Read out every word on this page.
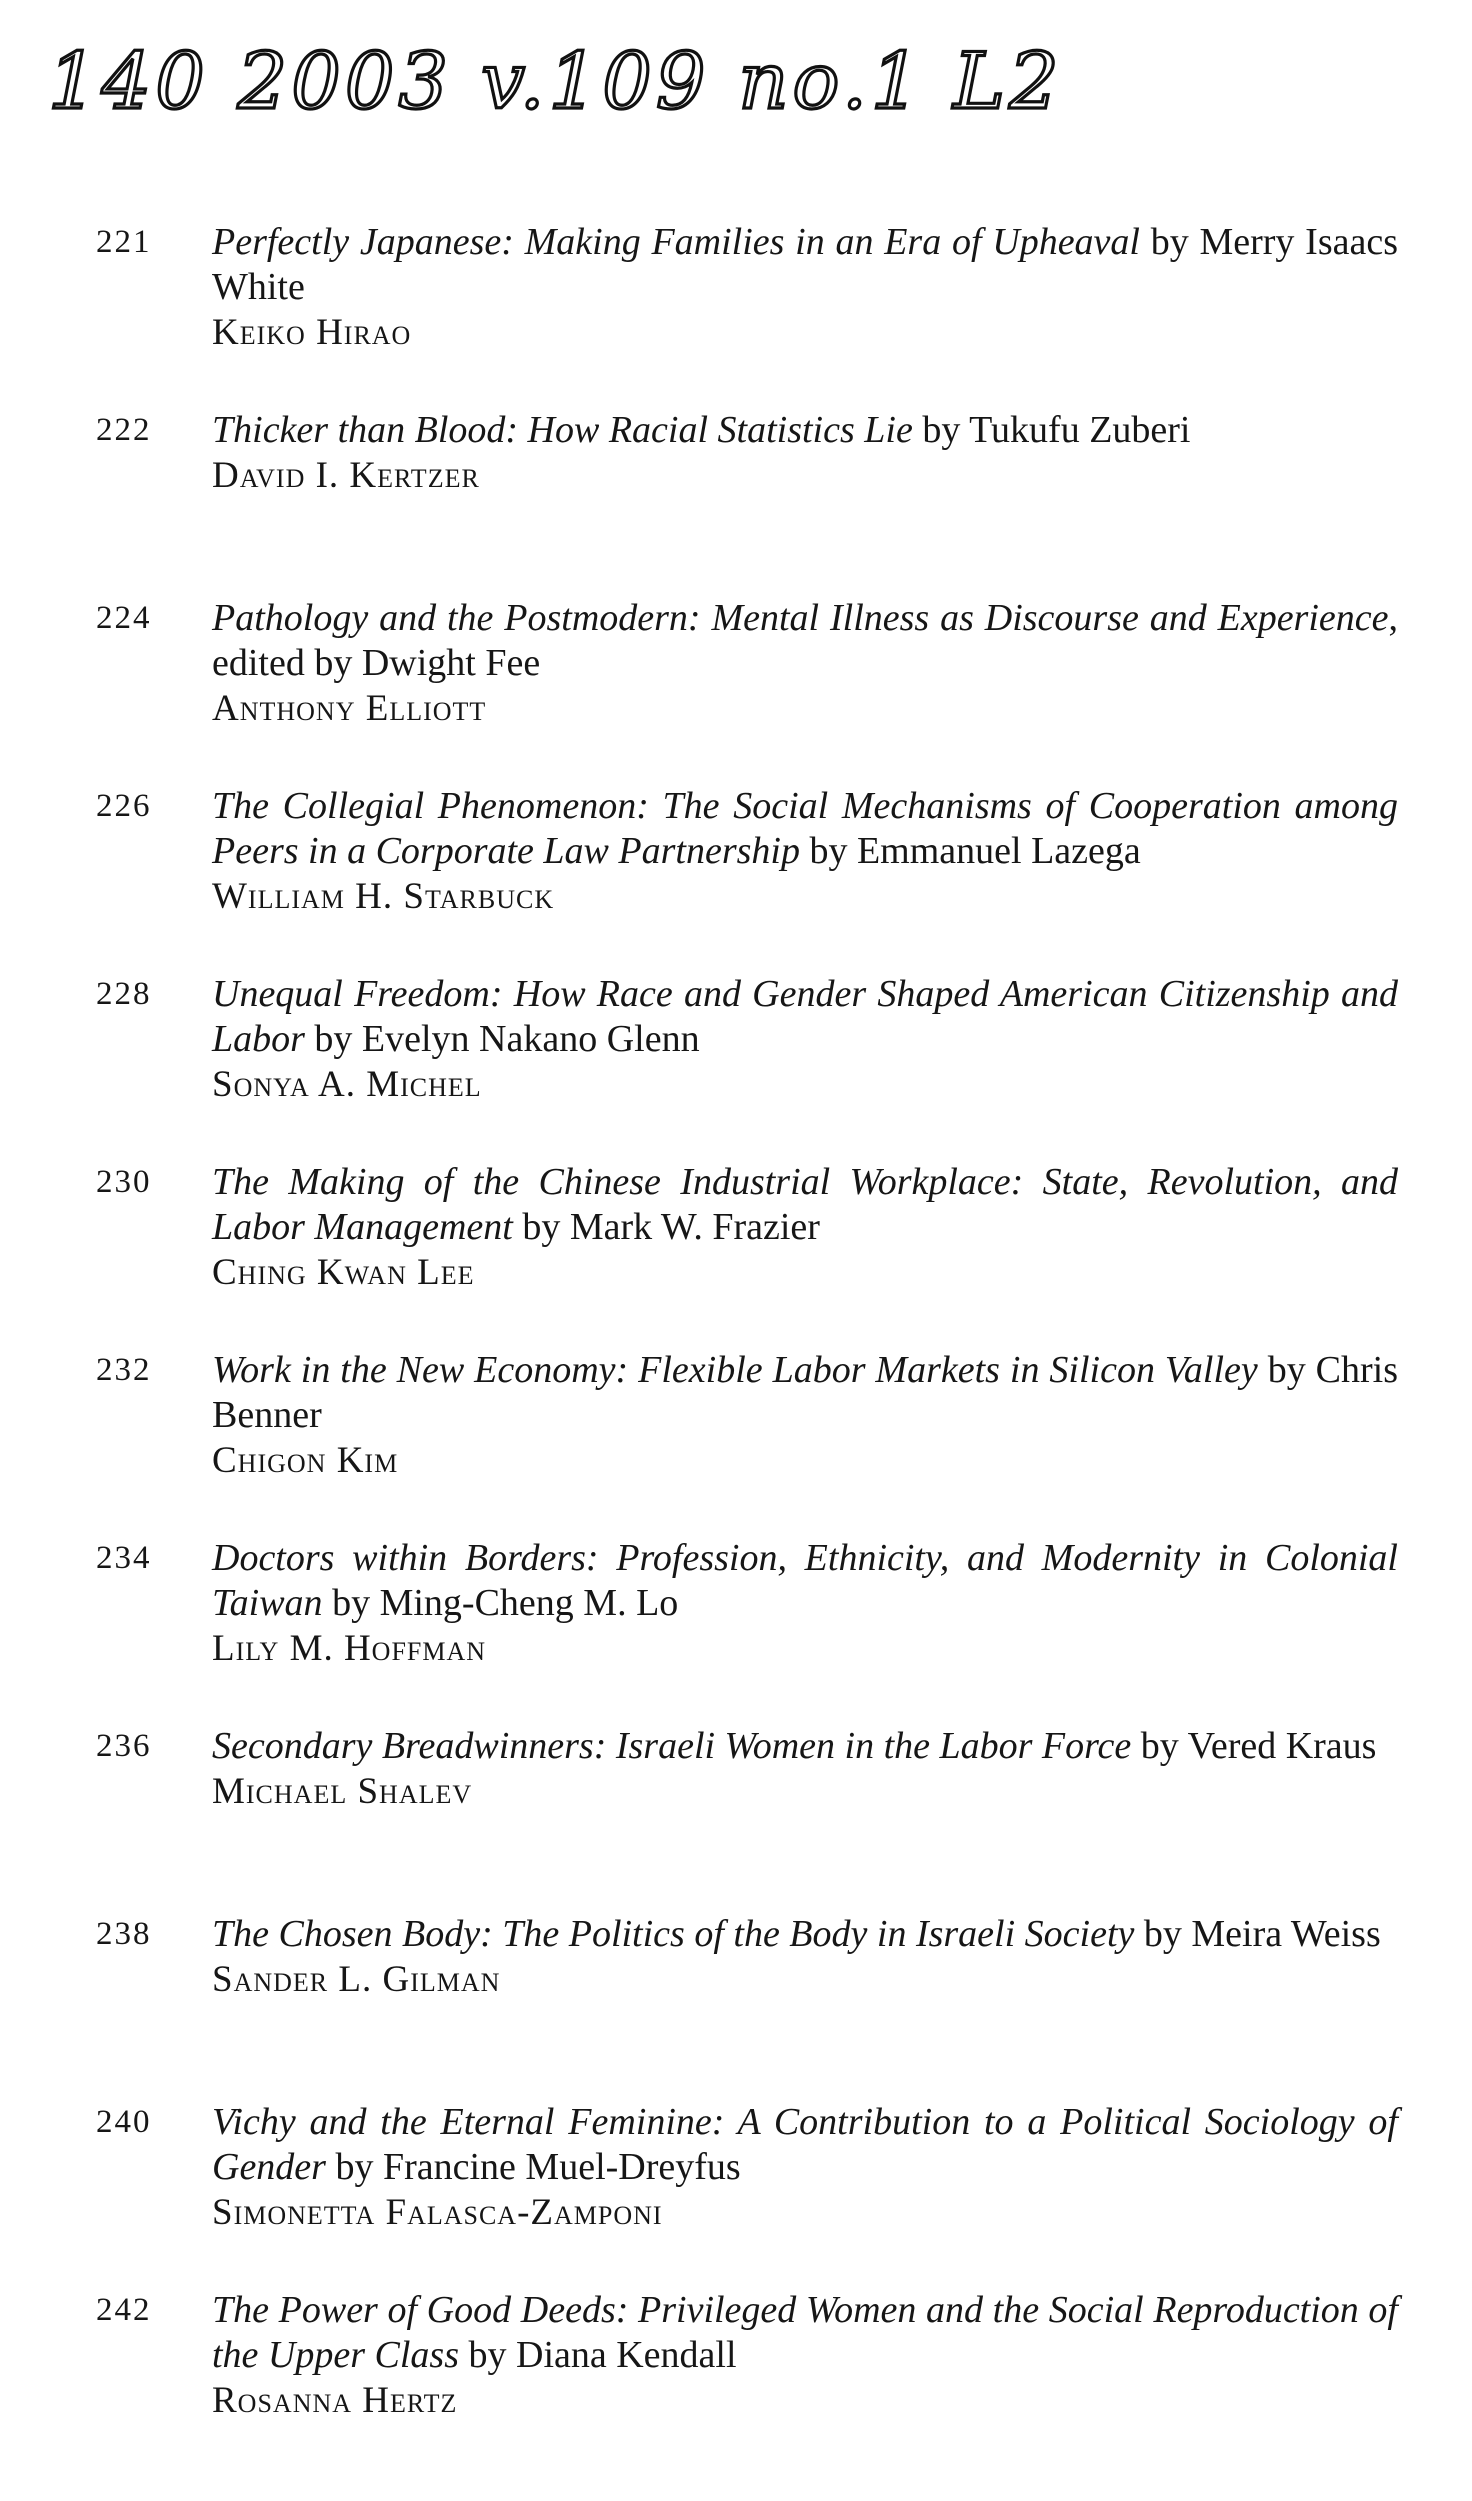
140 2003 v.109 no.1 L2
221	Perfectly Japanese: Making Families in an Era of Upheaval by Merry Isaacs White
Keiko Hirao
222	Thicker than Blood: How Racial Statistics Lie by Tukufu Zuberi
David I. Kertzer
224	Pathology and the Postmodern: Mental Illness as Discourse and Experience, edited by Dwight Fee
Anthony Elliott
226	The Collegial Phenomenon: The Social Mechanisms of Cooperation among Peers in a Corporate Law Partnership by Emmanuel Lazega
William H. Starbuck
228	Unequal Freedom: How Race and Gender Shaped American Citizenship and Labor by Evelyn Nakano Glenn
Sonya A. Michel
230	The Making of the Chinese Industrial Workplace: State, Revolution, and Labor Management by Mark W. Frazier
Ching Kwan Lee
232	Work in the New Economy: Flexible Labor Markets in Silicon Valley by Chris Benner
Chigon Kim
234	Doctors within Borders: Profession, Ethnicity, and Modernity in Colonial Taiwan by Ming-Cheng M. Lo
Lily M. Hoffman
236	Secondary Breadwinners: Israeli Women in the Labor Force by Vered Kraus
Michael Shalev
238	The Chosen Body: The Politics of the Body in Israeli Society by Meira Weiss
Sander L. Gilman
240	Vichy and the Eternal Feminine: A Contribution to a Political Sociology of Gender by Francine Muel-Dreyfus
Simonetta Falasca-Zamponi
242	The Power of Good Deeds: Privileged Women and the Social Reproduction of the Upper Class by Diana Kendall
Rosanna Hertz
